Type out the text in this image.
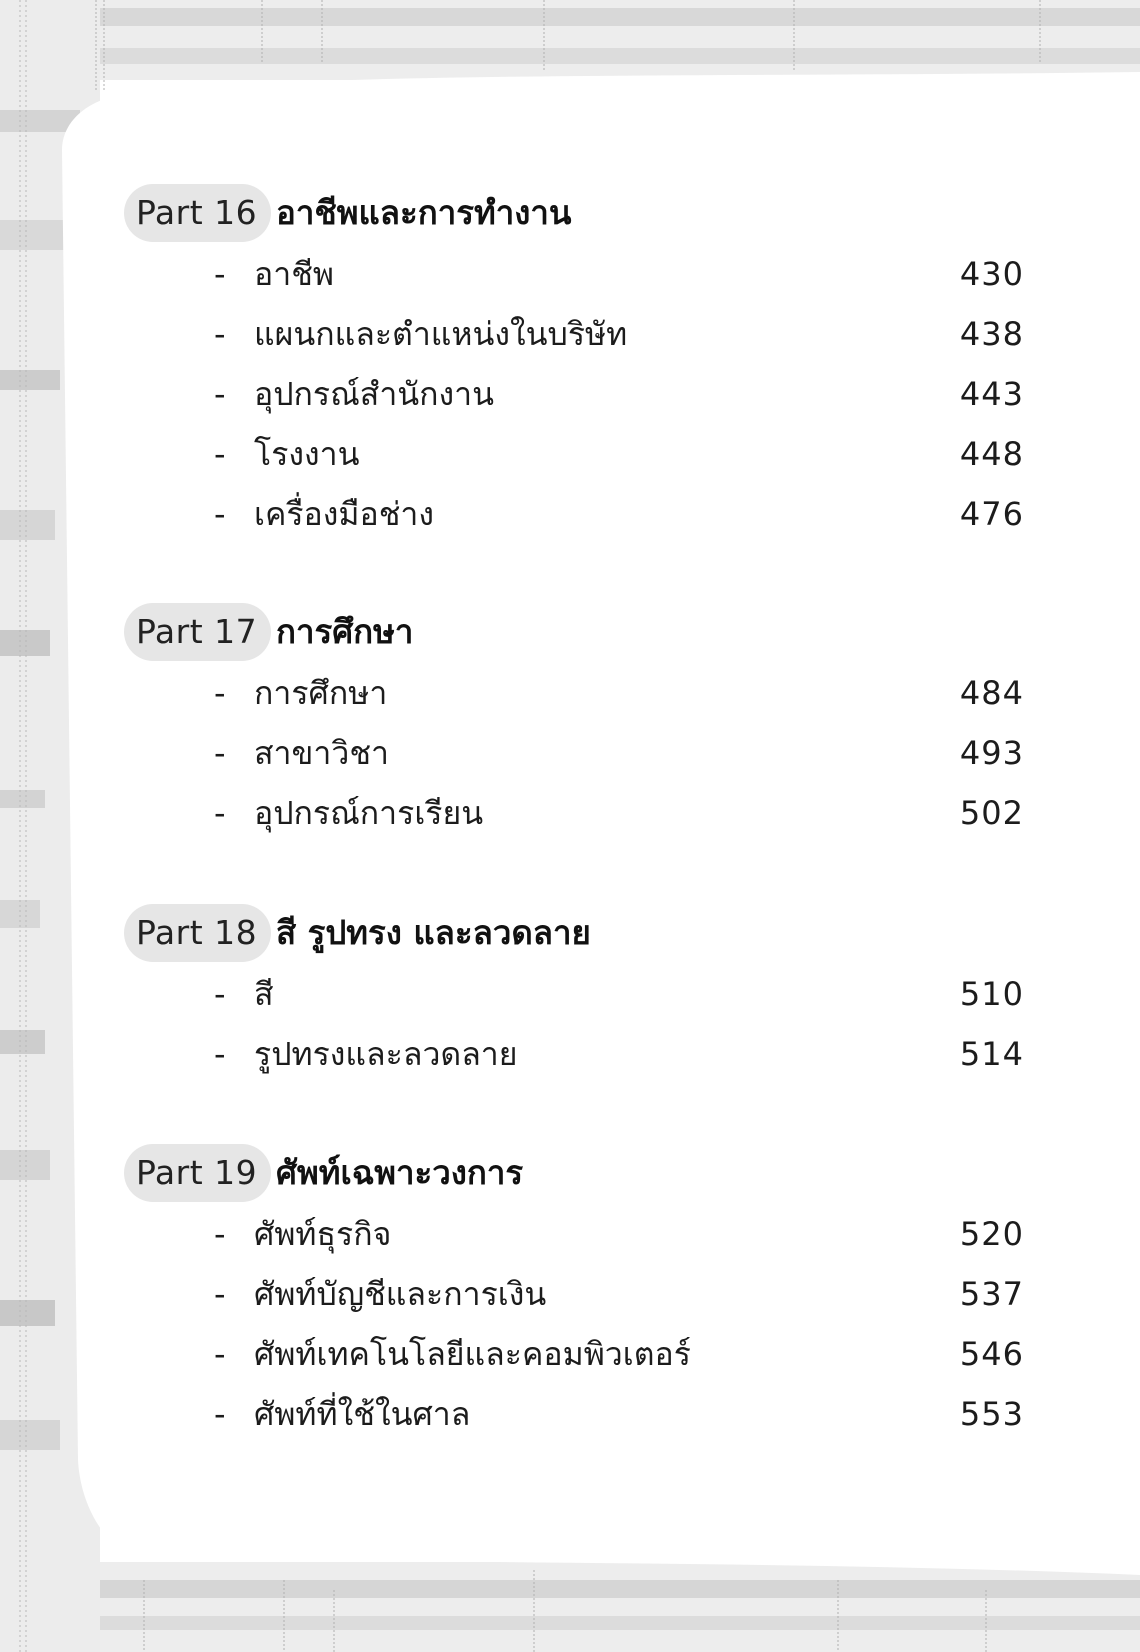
Part 16 อาชีพและการทำงาน
- อาชีพ	430
- แผนกและตำแหน่งในบริษัท	438
- อุปกรณ์สำนักงาน	443
- โรงงาน	448
- เครื่องมือช่าง	476
Part 17 การศึกษา
- การศึกษา	484
- สาขาวิชา	493
- อุปกรณ์การเรียน	502
Part 18 สี รูปทรง และลวดลาย
- สี	510
- รูปทรงและลวดลาย	514
Part 19 ศัพท์เฉพาะวงการ
- ศัพท์ธุรกิจ	520
- ศัพท์บัญชีและการเงิน	537
- ศัพท์เทคโนโลยีและคอมพิวเตอร์	546
- ศัพท์ที่ใช้ในศาล	553
